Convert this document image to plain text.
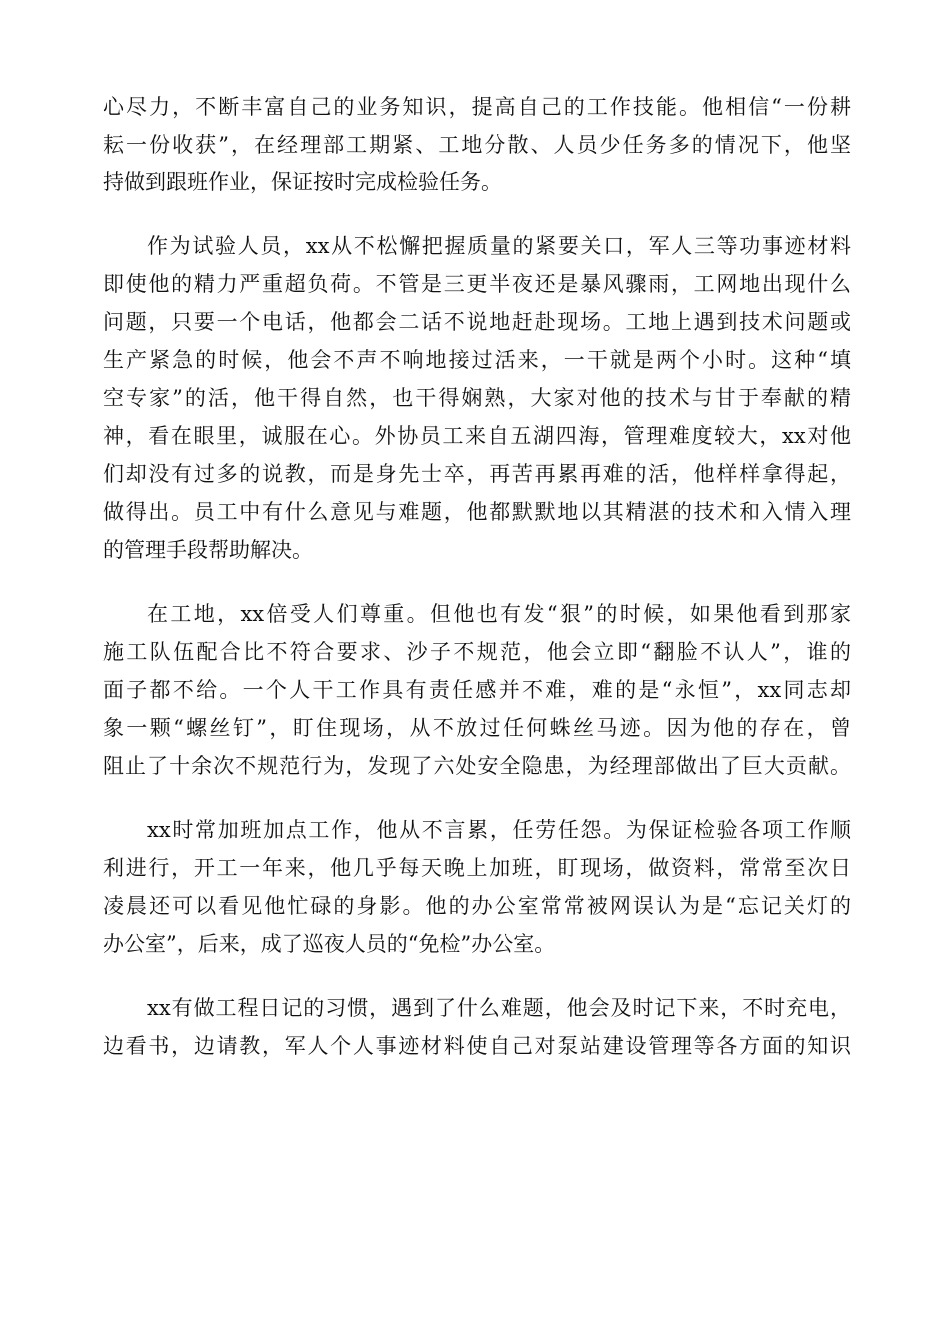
心尽力，不断丰富自己的业务知识，提高自己的工作技能。他相信“一份耕
耘一份收获”，在经理部工期紧、工地分散、人员少任务多的情况下，他坚
持做到跟班作业，保证按时完成检验任务。
作为试验人员，xx从不松懈把握质量的紧要关口，军人三等功事迹材料
即使他的精力严重超负荷。不管是三更半夜还是暴风骤雨，工网地出现什么
问题，只要一个电话，他都会二话不说地赶赴现场。工地上遇到技术问题或
生产紧急的时候，他会不声不响地接过活来，一干就是两个小时。这种“填
空专家”的活，他干得自然，也干得娴熟，大家对他的技术与甘于奉献的精
神，看在眼里，诚服在心。外协员工来自五湖四海，管理难度较大，xx对他
们却没有过多的说教，而是身先士卒，再苦再累再难的活，他样样拿得起，
做得出。员工中有什么意见与难题，他都默默地以其精湛的技术和入情入理
的管理手段帮助解决。
在工地，xx倍受人们尊重。但他也有发“狠”的时候，如果他看到那家
施工队伍配合比不符合要求、沙子不规范，他会立即“翻脸不认人”，谁的
面子都不给。一个人干工作具有责任感并不难，难的是“永恒”，xx同志却
象一颗“螺丝钉”，盯住现场，从不放过任何蛛丝马迹。因为他的存在，曾
阻止了十余次不规范行为，发现了六处安全隐患，为经理部做出了巨大贡献。
xx时常加班加点工作，他从不言累，任劳任怨。为保证检验各项工作顺
利进行，开工一年来，他几乎每天晚上加班，盯现场，做资料，常常至次日
凌晨还可以看见他忙碌的身影。他的办公室常常被网误认为是“忘记关灯的
办公室”，后来，成了巡夜人员的“免检”办公室。
xx有做工程日记的习惯，遇到了什么难题，他会及时记下来，不时充电，
边看书，边请教，军人个人事迹材料使自己对泵站建设管理等各方面的知识
